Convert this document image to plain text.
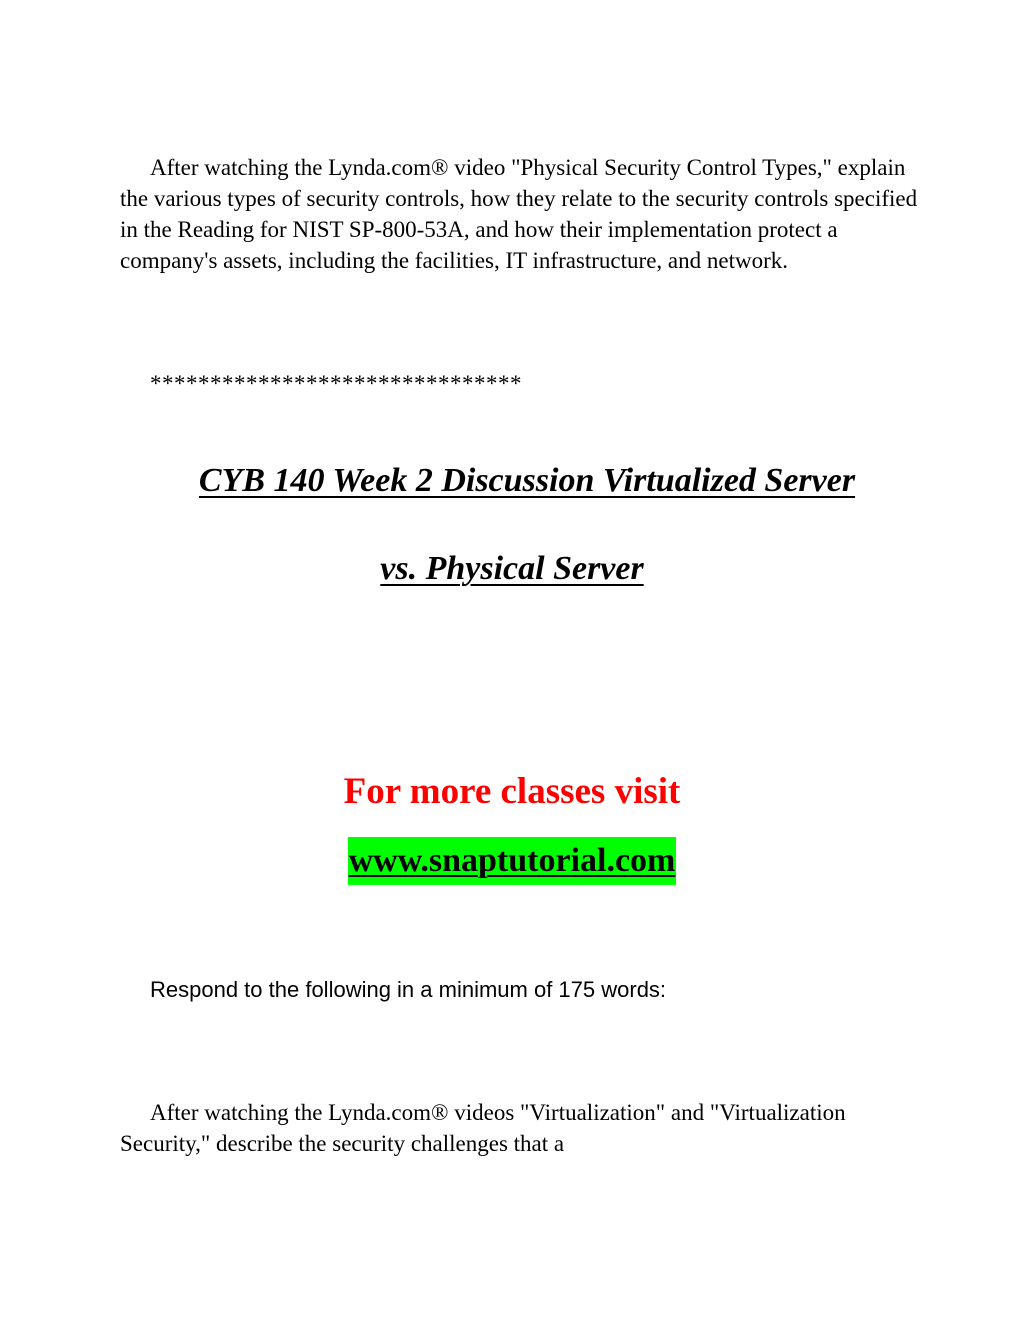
After watching the Lynda.com® video "Physical Security Control Types," explain the various types of security controls, how they relate to the security controls specified in the Reading for NIST SP-800-53A, and how their implementation protect a company's assets, including the facilities, IT infrastructure, and network.

*******************************
CYB 140 Week 2 Discussion Virtualized Server
vs. Physical Server

For more classes visit

www.snaptutorial.com

Respond to the following in a minimum of 175 words:

After watching the Lynda.com® videos "Virtualization" and "Virtualization Security," describe the security challenges that a
